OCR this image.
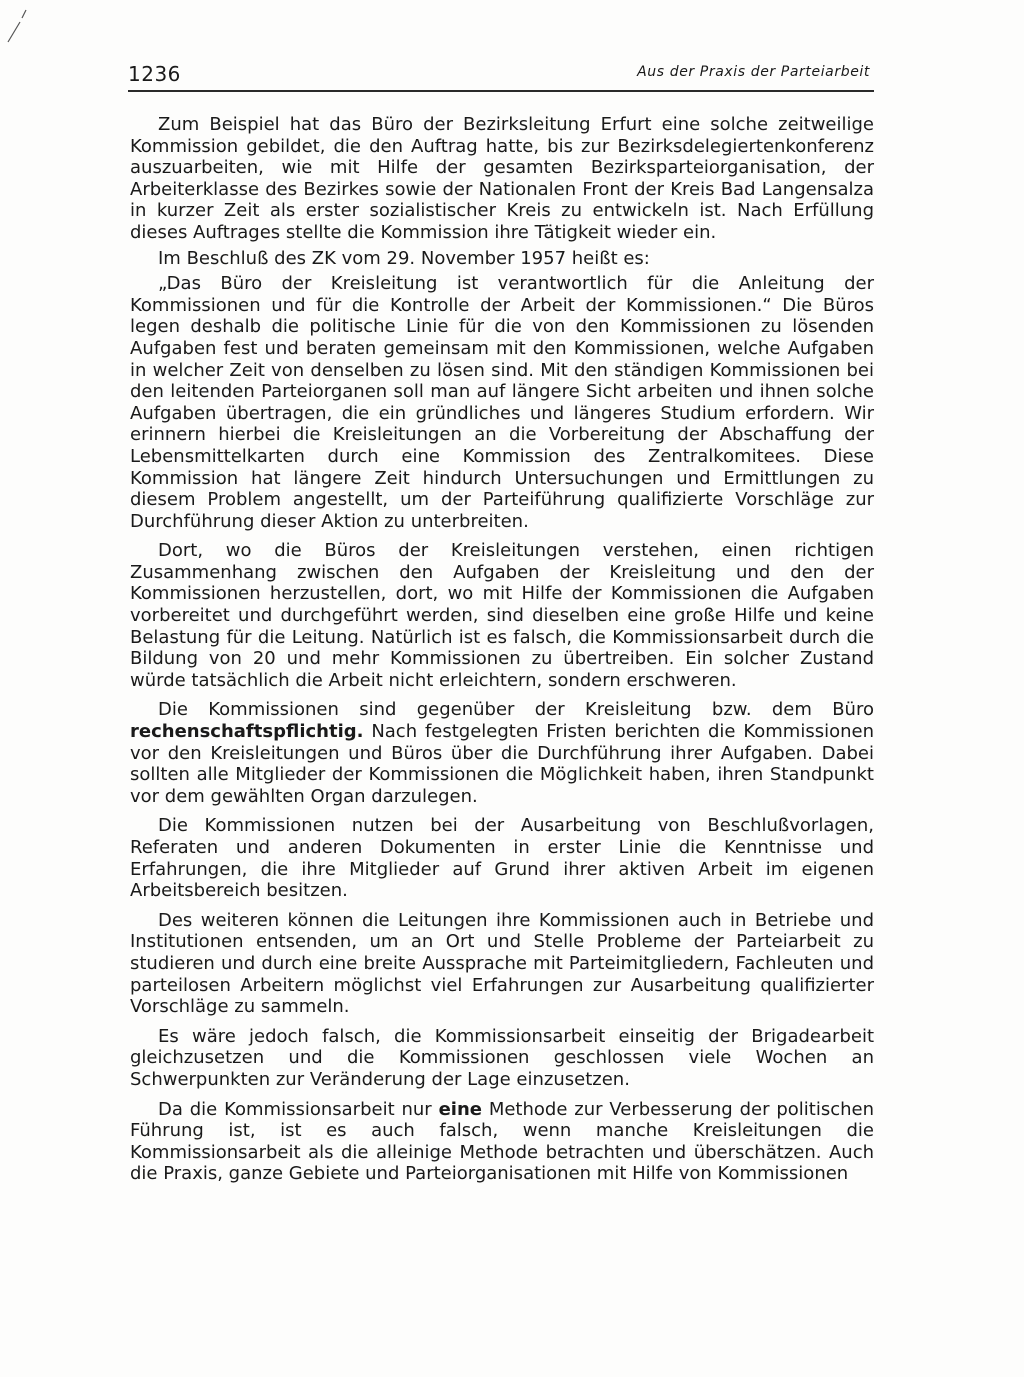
1236	Aus der Praxis der Parteiarbeit

Zum Beispiel hat das Büro der Bezirksleitung Erfurt eine solche zeitweilige Kommission gebildet, die den Auftrag hatte, bis zur Bezirksdelegiertenkonferenz auszuarbeiten, wie mit Hilfe der gesamten Bezirksparteiorganisation, der Arbeiterklasse des Bezirkes sowie der Nationalen Front der Kreis Bad Langensalza in kurzer Zeit als erster sozialistischer Kreis zu entwickeln ist. Nach Erfüllung dieses Auftrages stellte die Kommission ihre Tätigkeit wieder ein.

Im Beschluß des ZK vom 29. November 1957 heißt es:

„Das Büro der Kreisleitung ist verantwortlich für die Anleitung der Kommissionen und für die Kontrolle der Arbeit der Kommissionen.“ Die Büros legen deshalb die politische Linie für die von den Kommissionen zu lösenden Aufgaben fest und beraten gemeinsam mit den Kommissionen, welche Aufgaben in welcher Zeit von denselben zu lösen sind. Mit den ständigen Kommissionen bei den leitenden Parteiorganen soll man auf längere Sicht arbeiten und ihnen solche Aufgaben übertragen, die ein gründliches und längeres Studium erfordern. Wir erinnern hierbei die Kreisleitungen an die Vorbereitung der Abschaffung der Lebensmittelkarten durch eine Kommission des Zentralkomitees. Diese Kommission hat längere Zeit hindurch Untersuchungen und Ermittlungen zu diesem Problem angestellt, um der Parteiführung qualifizierte Vorschläge zur Durchführung dieser Aktion zu unterbreiten.

Dort, wo die Büros der Kreisleitungen verstehen, einen richtigen Zusammenhang zwischen den Aufgaben der Kreisleitung und den der Kommissionen herzustellen, dort, wo mit Hilfe der Kommissionen die Aufgaben vorbereitet und durchgeführt werden, sind dieselben eine große Hilfe und keine Belastung für die Leitung. Natürlich ist es falsch, die Kommissionsarbeit durch die Bildung von 20 und mehr Kommissionen zu übertreiben. Ein solcher Zustand würde tatsächlich die Arbeit nicht erleichtern, sondern erschweren.

Die Kommissionen sind gegenüber der Kreisleitung bzw. dem Büro rechenschaftspflichtig. Nach festgelegten Fristen berichten die Kommissionen vor den Kreisleitungen und Büros über die Durchführung ihrer Aufgaben. Dabei sollten alle Mitglieder der Kommissionen die Möglichkeit haben, ihren Standpunkt vor dem gewählten Organ darzulegen.

Die Kommissionen nutzen bei der Ausarbeitung von Beschlußvorlagen, Referaten und anderen Dokumenten in erster Linie die Kenntnisse und Erfahrungen, die ihre Mitglieder auf Grund ihrer aktiven Arbeit im eigenen Arbeitsbereich besitzen.

Des weiteren können die Leitungen ihre Kommissionen auch in Betriebe und Institutionen entsenden, um an Ort und Stelle Probleme der Parteiarbeit zu studieren und durch eine breite Aussprache mit Parteimitgliedern, Fachleuten und parteilosen Arbeitern möglichst viel Erfahrungen zur Ausarbeitung qualifizierter Vorschläge zu sammeln.

Es wäre jedoch falsch, die Kommissionsarbeit einseitig der Brigadearbeit gleichzusetzen und die Kommissionen geschlossen viele Wochen an Schwerpunkten zur Veränderung der Lage einzusetzen.

Da die Kommissionsarbeit nur eine Methode zur Verbesserung der politischen Führung ist, ist es auch falsch, wenn manche Kreisleitungen die Kommissionsarbeit als die alleinige Methode betrachten und überschätzen. Auch die Praxis, ganze Gebiete und Parteiorganisationen mit Hilfe von Kommissionen
